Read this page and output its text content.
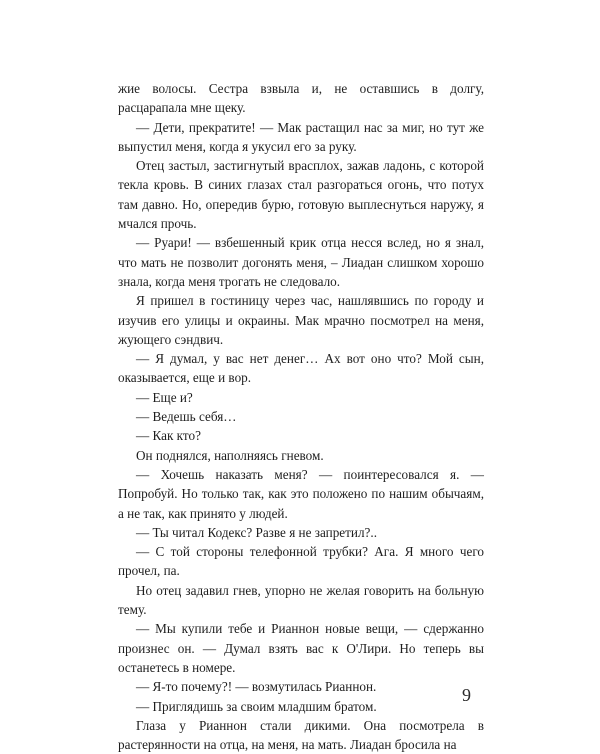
жие волосы. Сестра взвыла и, не оставшись в долгу, расцарапала мне щеку.

— Дети, прекратите! — Мак растащил нас за миг, но тут же выпустил меня, когда я укусил его за руку.

Отец застыл, застигнутый врасплох, зажав ладонь, с которой текла кровь. В синих глазах стал разгораться огонь, что потух там давно. Но, опередив бурю, готовую выплеснуться наружу, я мчался прочь.

— Руари! — взбешенный крик отца несся вслед, но я знал, что мать не позволит догонять меня, – Лиадан слишком хорошо знала, когда меня трогать не следовало.

Я пришел в гостиницу через час, нашлявшись по городу и изучив его улицы и окраины. Мак мрачно посмотрел на меня, жующего сэндвич.

— Я думал, у вас нет денег… Ах вот оно что? Мой сын, оказывается, еще и вор.

— Еще и?

— Ведешь себя…

— Как кто?

Он поднялся, наполняясь гневом.

— Хочешь наказать меня? — поинтересовался я. — Попробуй. Но только так, как это положено по нашим обычаям, а не так, как принято у людей.

— Ты читал Кодекс? Разве я не запретил?..

— С той стороны телефонной трубки? Ага. Я много чего прочел, па.

Но отец задавил гнев, упорно не желая говорить на больную тему.

— Мы купили тебе и Рианнон новые вещи, — сдержанно произнес он. — Думал взять вас к О'Лири. Но теперь вы останетесь в номере.

— Я-то почему?! — возмутилась Рианнон.

— Приглядишь за своим младшим братом.

Глаза у Рианнон стали дикими. Она посмотрела в растерянности на отца, на меня, на мать. Лиадан бросила на

9
